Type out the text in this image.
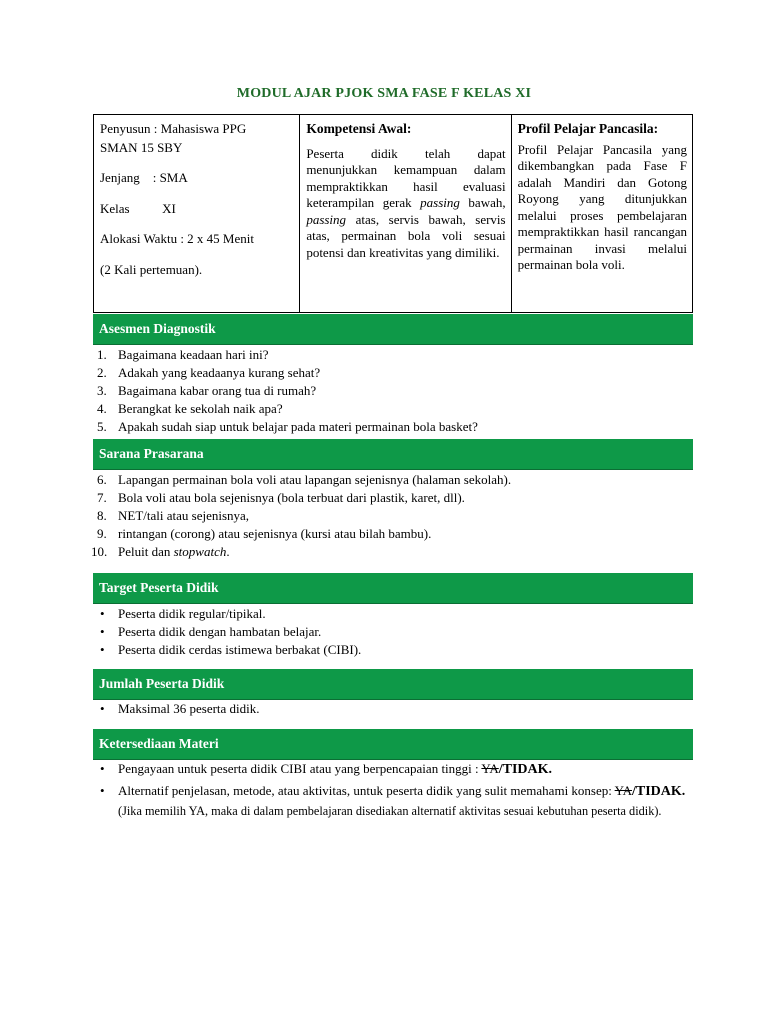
MODUL AJAR PJOK SMA FASE F KELAS XI
Penyusun : Mahasiswa PPG
SMAN 15 SBY
Jenjang    : SMA
Kelas          XI
Alokasi Waktu : 2 x 45 Menit
(2 Kali pertemuan).
Kompetensi Awal:
Peserta didik telah dapat menunjukkan kemampuan dalam mempraktikkan hasil evaluasi keterampilan gerak passing bawah, passing atas, servis bawah, servis atas, permainan bola voli sesuai potensi dan kreativitas yang dimiliki.
Profil Pelajar Pancasila:
Profil Pelajar Pancasila yang dikembangkan pada Fase F adalah Mandiri dan Gotong Royong yang ditunjukkan melalui proses pembelajaran mempraktikkan hasil rancangan permainan invasi melalui permainan bola voli.
Asesmen Diagnostik
1. Bagaimana keadaan hari ini?
2. Adakah yang keadaanya kurang sehat?
3. Bagaimana kabar orang tua di rumah?
4. Berangkat ke sekolah naik apa?
5. Apakah sudah siap untuk belajar pada materi permainan bola basket?
Sarana Prasarana
6. Lapangan permainan bola voli atau lapangan sejenisnya (halaman sekolah).
7. Bola voli atau bola sejenisnya (bola terbuat dari plastik, karet, dll).
8. NET/tali atau sejenisnya,
9. rintangan (corong) atau sejenisnya (kursi atau bilah bambu).
10. Peluit dan stopwatch.
Target Peserta Didik
• Peserta didik regular/tipikal.
• Peserta didik dengan hambatan belajar.
• Peserta didik cerdas istimewa berbakat (CIBI).
Jumlah Peserta Didik
• Maksimal 36 peserta didik.
Ketersediaan Materi
• Pengayaan untuk peserta didik CIBI atau yang berpencapaian tinggi : YA/TIDAK.
• Alternatif penjelasan, metode, atau aktivitas, untuk peserta didik yang sulit memahami konsep: YA/TIDAK.
(Jika memilih YA, maka di dalam pembelajaran disediakan alternatif aktivitas sesuai kebutuhan peserta didik).
